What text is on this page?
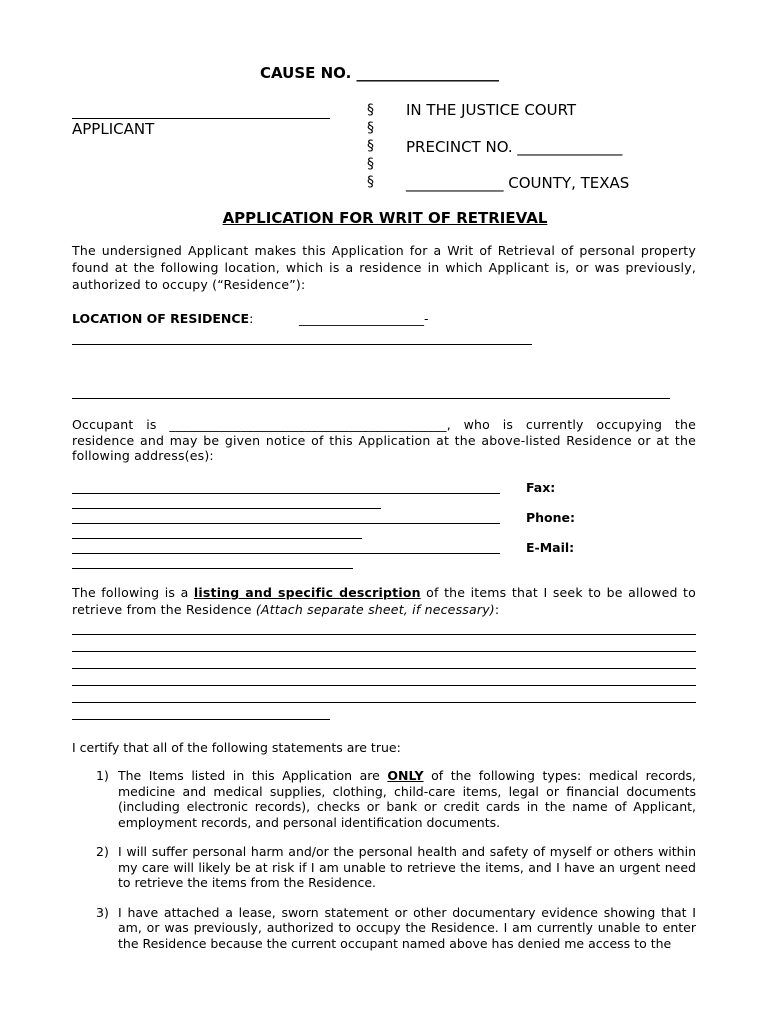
CAUSE NO. ___________________
APPLICANT
§
§
§
§
§
IN THE JUSTICE COURT
PRECINCT NO. ______________
_____________ COUNTY, TEXAS
APPLICATION FOR WRIT OF RETRIEVAL
The undersigned Applicant makes this Application for a Writ of Retrieval of personal property found at the following location, which is a residence in which Applicant is, or was previously, authorized to occupy (“Residence”):
LOCATION OF RESIDENCE:	____________________-
Occupant is ___________________________________________, who is currently occupying the residence and may be given notice of this Application at the above-listed Residence or at the following address(es):
Fax:
Phone:
E-Mail:
The following is a listing and specific description of the items that I seek to be allowed to retrieve from the Residence (Attach separate sheet, if necessary):
I certify that all of the following statements are true:
1) The Items listed in this Application are ONLY of the following types: medical records, medicine and medical supplies, clothing, child-care items, legal or financial documents (including electronic records), checks or bank or credit cards in the name of Applicant, employment records, and personal identification documents.
2) I will suffer personal harm and/or the personal health and safety of myself or others within my care will likely be at risk if I am unable to retrieve the items, and I have an urgent need to retrieve the items from the Residence.
3) I have attached a lease, sworn statement or other documentary evidence showing that I am, or was previously, authorized to occupy the Residence. I am currently unable to enter the Residence because the current occupant named above has denied me access to the
